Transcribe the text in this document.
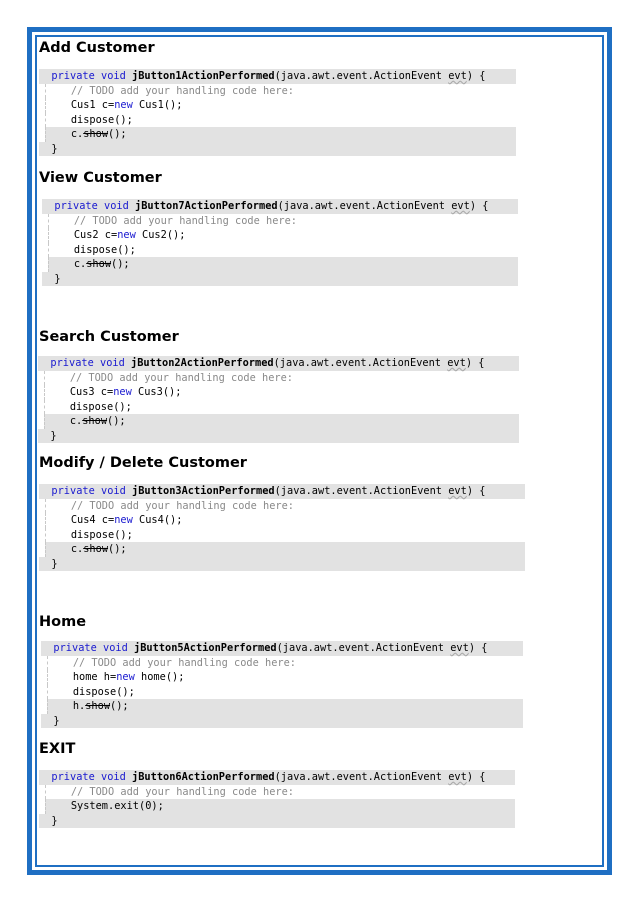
Add Customer
private void jButton1ActionPerformed(java.awt.event.ActionEvent evt) {
// TODO add your handling code here:
Cus1 c=new Cus1();
dispose();
c.show();
}
View Customer
private void jButton7ActionPerformed(java.awt.event.ActionEvent evt) {
// TODO add your handling code here:
Cus2 c=new Cus2();
dispose();
c.show();
}
Search Customer
private void jButton2ActionPerformed(java.awt.event.ActionEvent evt) {
// TODO add your handling code here:
Cus3 c=new Cus3();
dispose();
c.show();
}
Modify / Delete Customer
private void jButton3ActionPerformed(java.awt.event.ActionEvent evt) {
// TODO add your handling code here:
Cus4 c=new Cus4();
dispose();
c.show();
}
Home
private void jButton5ActionPerformed(java.awt.event.ActionEvent evt) {
// TODO add your handling code here:
home h=new home();
dispose();
h.show();
}
EXIT
private void jButton6ActionPerformed(java.awt.event.ActionEvent evt) {
// TODO add your handling code here:
System.exit(0);
}
